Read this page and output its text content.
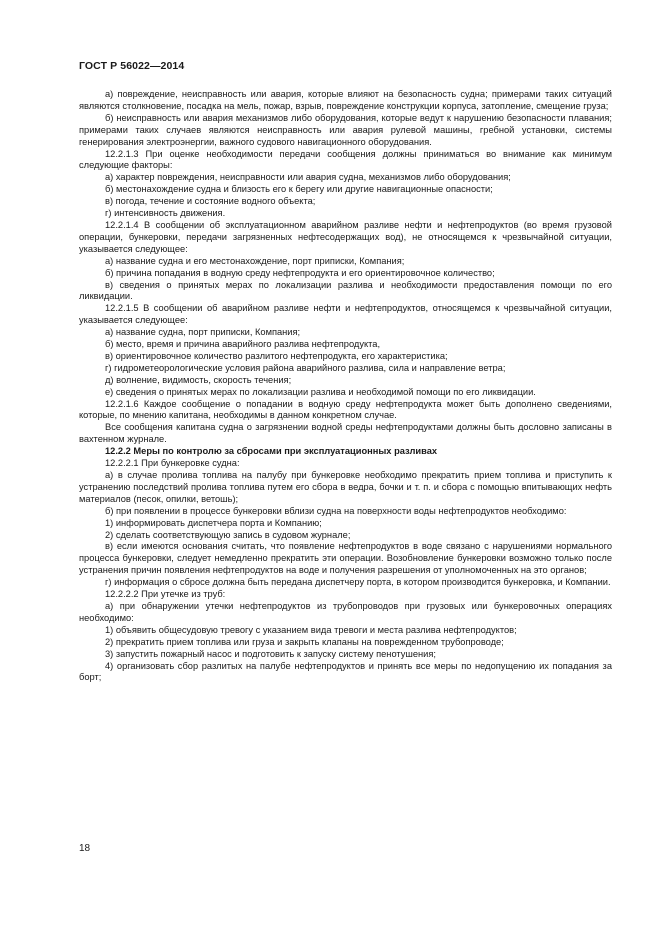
ГОСТ Р 56022—2014

а) повреждение, неисправность или авария, которые влияют на безопасность судна; примерами таких ситуаций являются столкновение, посадка на мель, пожар, взрыв, повреждение конструкции корпуса, затопление, смещение груза;

б) неисправность или авария механизмов либо оборудования, которые ведут к нарушению безопасности плавания; примерами таких случаев являются неисправность или авария рулевой машины, гребной установки, системы генерирования электроэнергии, важного судового навигационного оборудования.

12.2.1.3 При оценке необходимости передачи сообщения должны приниматься во внимание как минимум следующие факторы:

а) характер повреждения, неисправности или авария судна, механизмов либо оборудования;

б) местонахождение судна и близость его к берегу или другие навигационные опасности;

в) погода, течение и состояние водного объекта;

г) интенсивность движения.

12.2.1.4 В сообщении об эксплуатационном аварийном разливе нефти и нефтепродуктов (во время грузовой операции, бункеровки, передачи загрязненных нефтесодержащих вод), не относящемся к чрезвычайной ситуации, указывается следующее:

а) название судна и его местонахождение, порт приписки, Компания;

б) причина попадания в водную среду нефтепродукта и его ориентировочное количество;

в) сведения о принятых мерах по локализации разлива и необходимости предоставления помощи по его ликвидации.

12.2.1.5 В сообщении об аварийном разливе нефти и нефтепродуктов, относящемся к чрезвычайной ситуации, указывается следующее:

а) название судна, порт приписки, Компания;

б) место, время и причина аварийного разлива нефтепродукта,

в) ориентировочное количество разлитого нефтепродукта, его характеристика;

г) гидрометеорологические условия района аварийного разлива, сила и направление ветра;

д) волнение, видимость, скорость течения;

е) сведения о принятых мерах по локализации разлива и необходимой помощи по его ликвидации.

12.2.1.6 Каждое сообщение о попадании в водную среду нефтепродукта может быть дополнено сведениями, которые, по мнению капитана, необходимы в данном конкретном случае.

Все сообщения капитана судна о загрязнении водной среды нефтепродуктами должны быть дословно записаны в вахтенном журнале.

12.2.2 Меры по контролю за сбросами при эксплуатационных разливах

12.2.2.1 При бункеровке судна:

а) в случае пролива топлива на палубу при бункеровке необходимо прекратить прием топлива и приступить к устранению последствий пролива топлива путем его сбора в ведра, бочки и т. п. и сбора с помощью впитывающих нефть материалов (песок, опилки, ветошь);

б) при появлении в процессе бункеровки вблизи судна на поверхности воды нефтепродуктов необходимо:

1) информировать диспетчера порта и Компанию;

2) сделать соответствующую запись в судовом журнале;

в) если имеются основания считать, что появление нефтепродуктов в воде связано с нарушениями нормального процесса бункеровки, следует немедленно прекратить эти операции. Возобновление бункеровки возможно только после устранения причин появления нефтепродуктов на воде и получения разрешения от уполномоченных на это органов;

г) информация о сбросе должна быть передана диспетчеру порта, в котором производится бункеровка, и Компании.

12.2.2.2 При утечке из труб:

а) при обнаружении утечки нефтепродуктов из трубопроводов при грузовых или бункеровочных операциях необходимо:

1) объявить общесудовую тревогу с указанием вида тревоги и места разлива нефтепродуктов;

2) прекратить прием топлива или груза и закрыть клапаны на поврежденном трубопроводе;

3) запустить пожарный насос и подготовить к запуску систему пенотушения;

4) организовать сбор разлитых на палубе нефтепродуктов и принять все меры по недопущению их попадания за борт;

18
